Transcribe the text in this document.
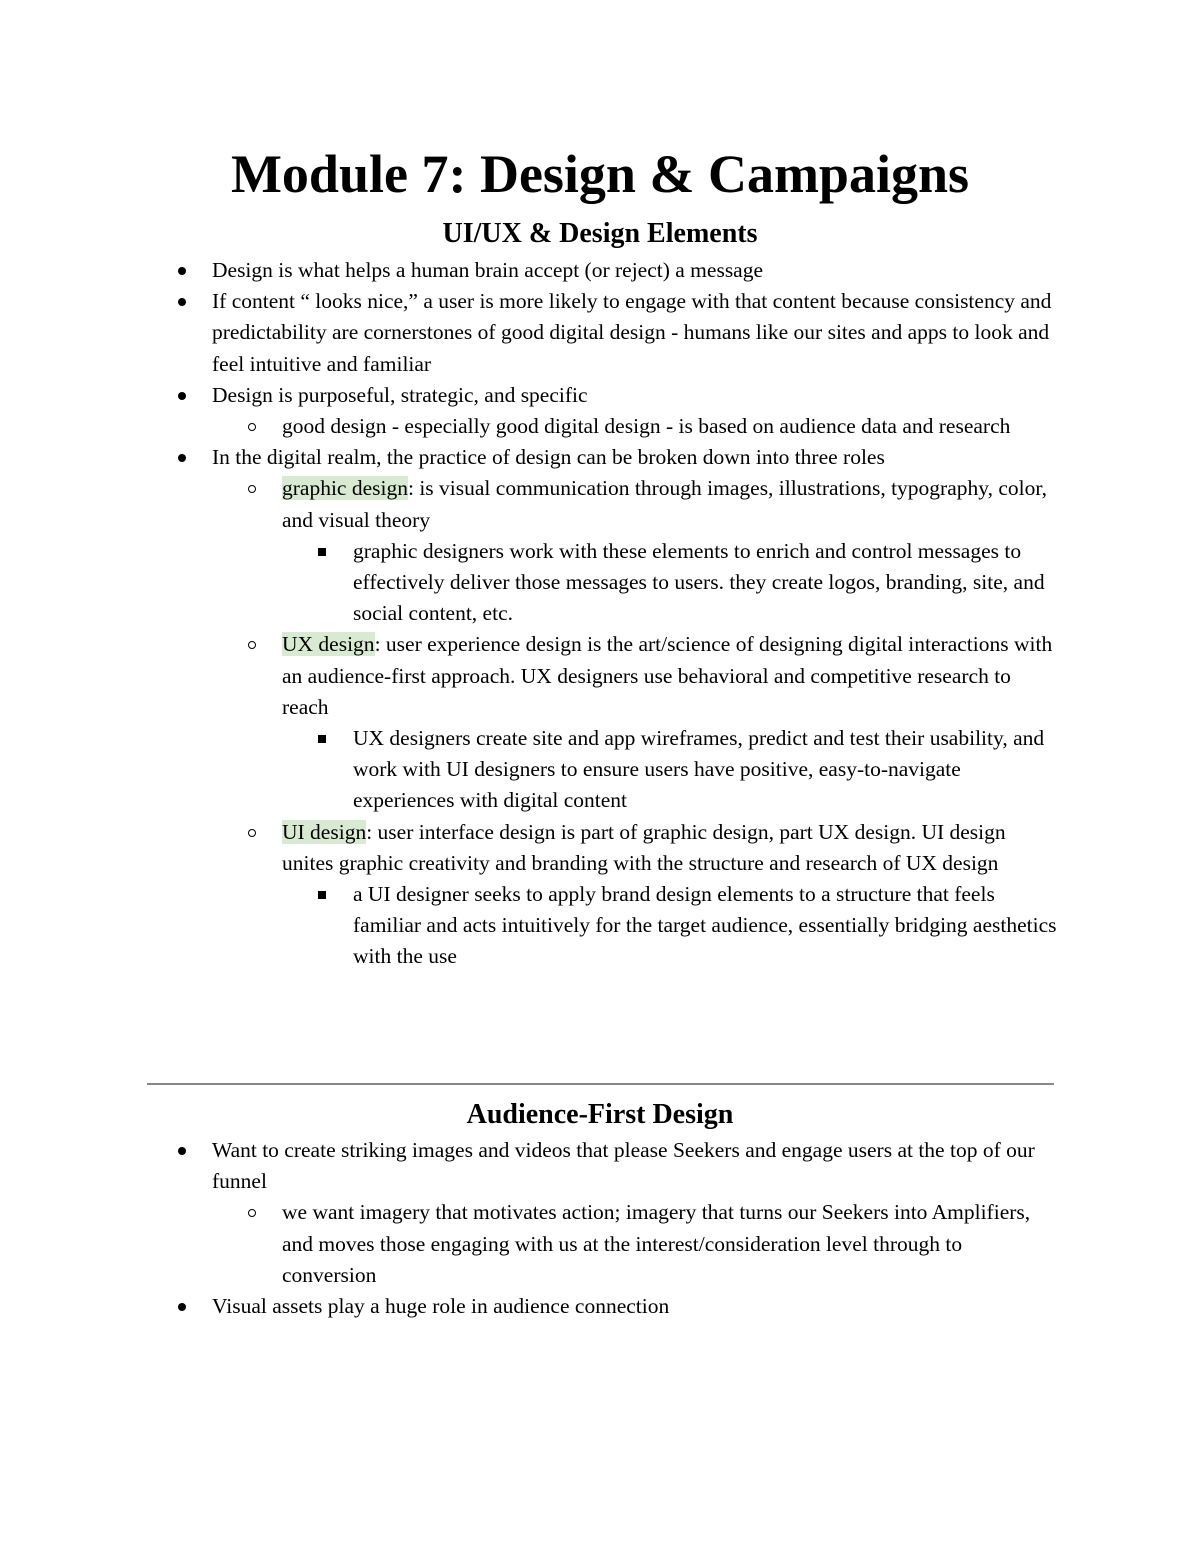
Module 7: Design & Campaigns
UI/UX & Design Elements
Design is what helps a human brain accept (or reject) a message
If content “ looks nice,” a user is more likely to engage with that content because consistency and predictability are cornerstones of good digital design - humans like our sites and apps to look and feel intuitive and familiar
Design is purposeful, strategic, and specific
good design - especially good digital design - is based on audience data and research
In the digital realm, the practice of design can be broken down into three roles
graphic design: is visual communication through images, illustrations, typography, color, and visual theory
graphic designers work with these elements to enrich and control messages to effectively deliver those messages to users. they create logos, branding, site, and social content, etc.
UX design: user experience design is the art/science of designing digital interactions with an audience-first approach. UX designers use behavioral and competitive research to reach
UX designers create site and app wireframes, predict and test their usability, and work with UI designers to ensure users have positive, easy-to-navigate experiences with digital content
UI design: user interface design is part of graphic design, part UX design. UI design unites graphic creativity and branding with the structure and research of UX design
a UI designer seeks to apply brand design elements to a structure that feels familiar and acts intuitively for the target audience, essentially bridging aesthetics with the use
Audience-First Design
Want to create striking images and videos that please Seekers and engage users at the top of our funnel
we want imagery that motivates action; imagery that turns our Seekers into Amplifiers, and moves those engaging with us at the interest/consideration level through to conversion
Visual assets play a huge role in audience connection
